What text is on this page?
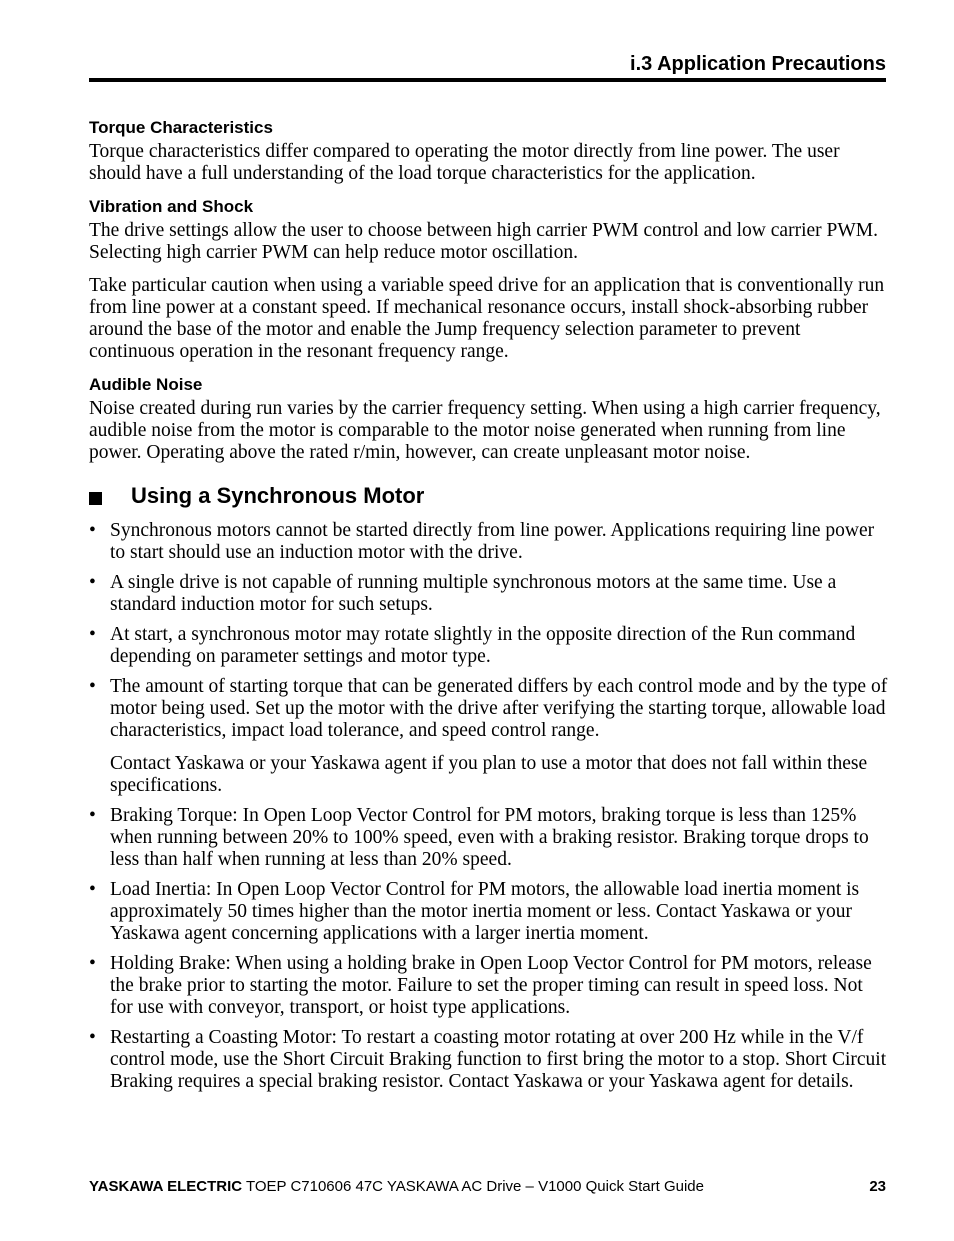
i.3 Application Precautions
Torque Characteristics

Torque characteristics differ compared to operating the motor directly from line power. The user should have a full understanding of the load torque characteristics for the application.

Vibration and Shock

The drive settings allow the user to choose between high carrier PWM control and low carrier PWM. Selecting high carrier PWM can help reduce motor oscillation.

Take particular caution when using a variable speed drive for an application that is conventionally run from line power at a constant speed. If mechanical resonance occurs, install shock-absorbing rubber around the base of the motor and enable the Jump frequency selection parameter to prevent continuous operation in the resonant frequency range.

Audible Noise

Noise created during run varies by the carrier frequency setting. When using a high carrier frequency, audible noise from the motor is comparable to the motor noise generated when running from line power. Operating above the rated r/min, however, can create unpleasant motor noise.

Using a Synchronous Motor
• Synchronous motors cannot be started directly from line power. Applications requiring line power to start should use an induction motor with the drive.
• A single drive is not capable of running multiple synchronous motors at the same time. Use a standard induction motor for such setups.
• At start, a synchronous motor may rotate slightly in the opposite direction of the Run command depending on parameter settings and motor type.
• The amount of starting torque that can be generated differs by each control mode and by the type of motor being used. Set up the motor with the drive after verifying the starting torque, allowable load characteristics, impact load tolerance, and speed control range.

Contact Yaskawa or your Yaskawa agent if you plan to use a motor that does not fall within these specifications.

• Braking Torque: In Open Loop Vector Control for PM motors, braking torque is less than 125% when running between 20% to 100% speed, even with a braking resistor. Braking torque drops to less than half when running at less than 20% speed.
• Load Inertia: In Open Loop Vector Control for PM motors, the allowable load inertia moment is approximately 50 times higher than the motor inertia moment or less. Contact Yaskawa or your Yaskawa agent concerning applications with a larger inertia moment.
• Holding Brake: When using a holding brake in Open Loop Vector Control for PM motors, release the brake prior to starting the motor. Failure to set the proper timing can result in speed loss. Not for use with conveyor, transport, or hoist type applications.
• Restarting a Coasting Motor: To restart a coasting motor rotating at over 200 Hz while in the V/f control mode, use the Short Circuit Braking function to first bring the motor to a stop. Short Circuit Braking requires a special braking resistor. Contact Yaskawa or your Yaskawa agent for details.
YASKAWA ELECTRIC TOEP C710606 47C YASKAWA AC Drive – V1000 Quick Start Guide	23
